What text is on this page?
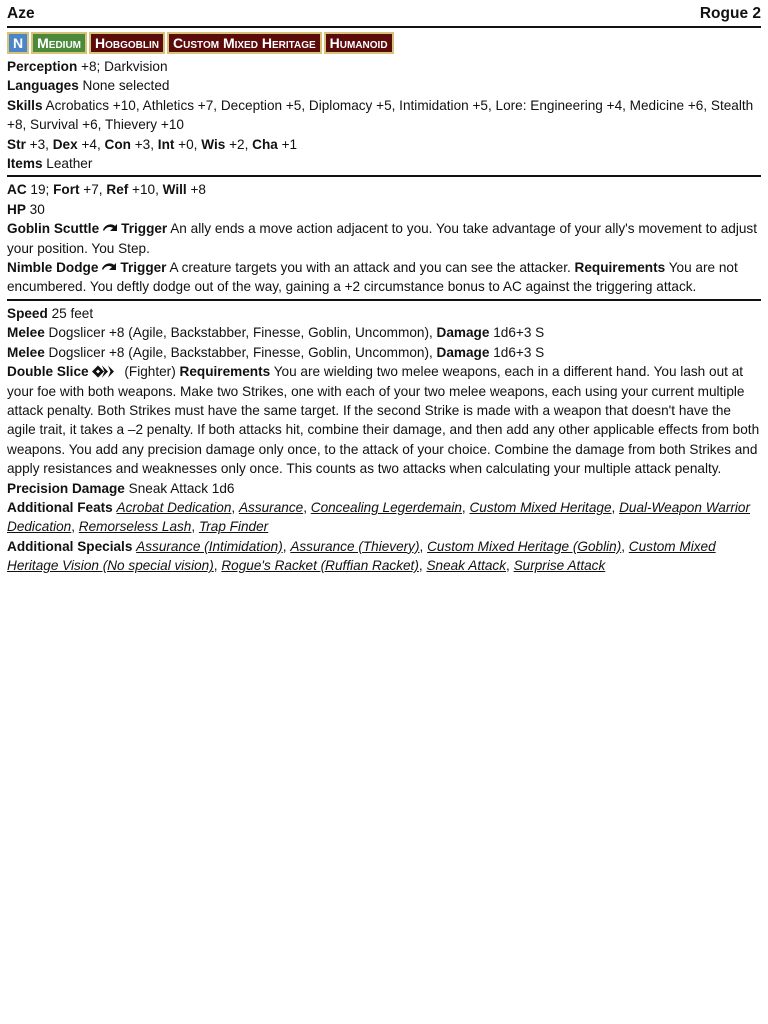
Aze	Rogue 2
N	Medium	Hobgoblin	Custom Mixed Heritage	Humanoid

Perception +8; Darkvision

Languages None selected

Skills Acrobatics +10, Athletics +7, Deception +5, Diplomacy +5, Intimidation +5, Lore: Engineering +4, Medicine +6, Stealth +8, Survival +6, Thievery +10

Str +3, Dex +4, Con +3, Int +0, Wis +2, Cha +1

Items Leather

AC 19; Fort +7, Ref +10, Will +8

HP 30

Goblin Scuttle Trigger An ally ends a move action adjacent to you. You take advantage of your ally's movement to adjust your position. You Step.

Nimble Dodge Trigger A creature targets you with an attack and you can see the attacker. Requirements You are not encumbered. You deftly dodge out of the way, gaining a +2 circumstance bonus to AC against the triggering attack.

Speed 25 feet

Melee Dogslicer +8 (Agile, Backstabber, Finesse, Goblin, Uncommon), Damage 1d6+3 S

Melee Dogslicer +8 (Agile, Backstabber, Finesse, Goblin, Uncommon), Damage 1d6+3 S

Double Slice (Fighter) Requirements You are wielding two melee weapons, each in a different hand. You lash out at your foe with both weapons. Make two Strikes, one with each of your two melee weapons, each using your current multiple attack penalty. Both Strikes must have the same target. If the second Strike is made with a weapon that doesn't have the agile trait, it takes a –2 penalty. If both attacks hit, combine their damage, and then add any other applicable effects from both weapons. You add any precision damage only once, to the attack of your choice. Combine the damage from both Strikes and apply resistances and weaknesses only once. This counts as two attacks when calculating your multiple attack penalty.

Precision Damage Sneak Attack 1d6

Additional Feats Acrobat Dedication, Assurance, Concealing Legerdemain, Custom Mixed Heritage, Dual-Weapon Warrior Dedication, Remorseless Lash, Trap Finder

Additional Specials Assurance (Intimidation), Assurance (Thievery), Custom Mixed Heritage (Goblin), Custom Mixed Heritage Vision (No special vision), Rogue's Racket (Ruffian Racket), Sneak Attack, Surprise Attack
